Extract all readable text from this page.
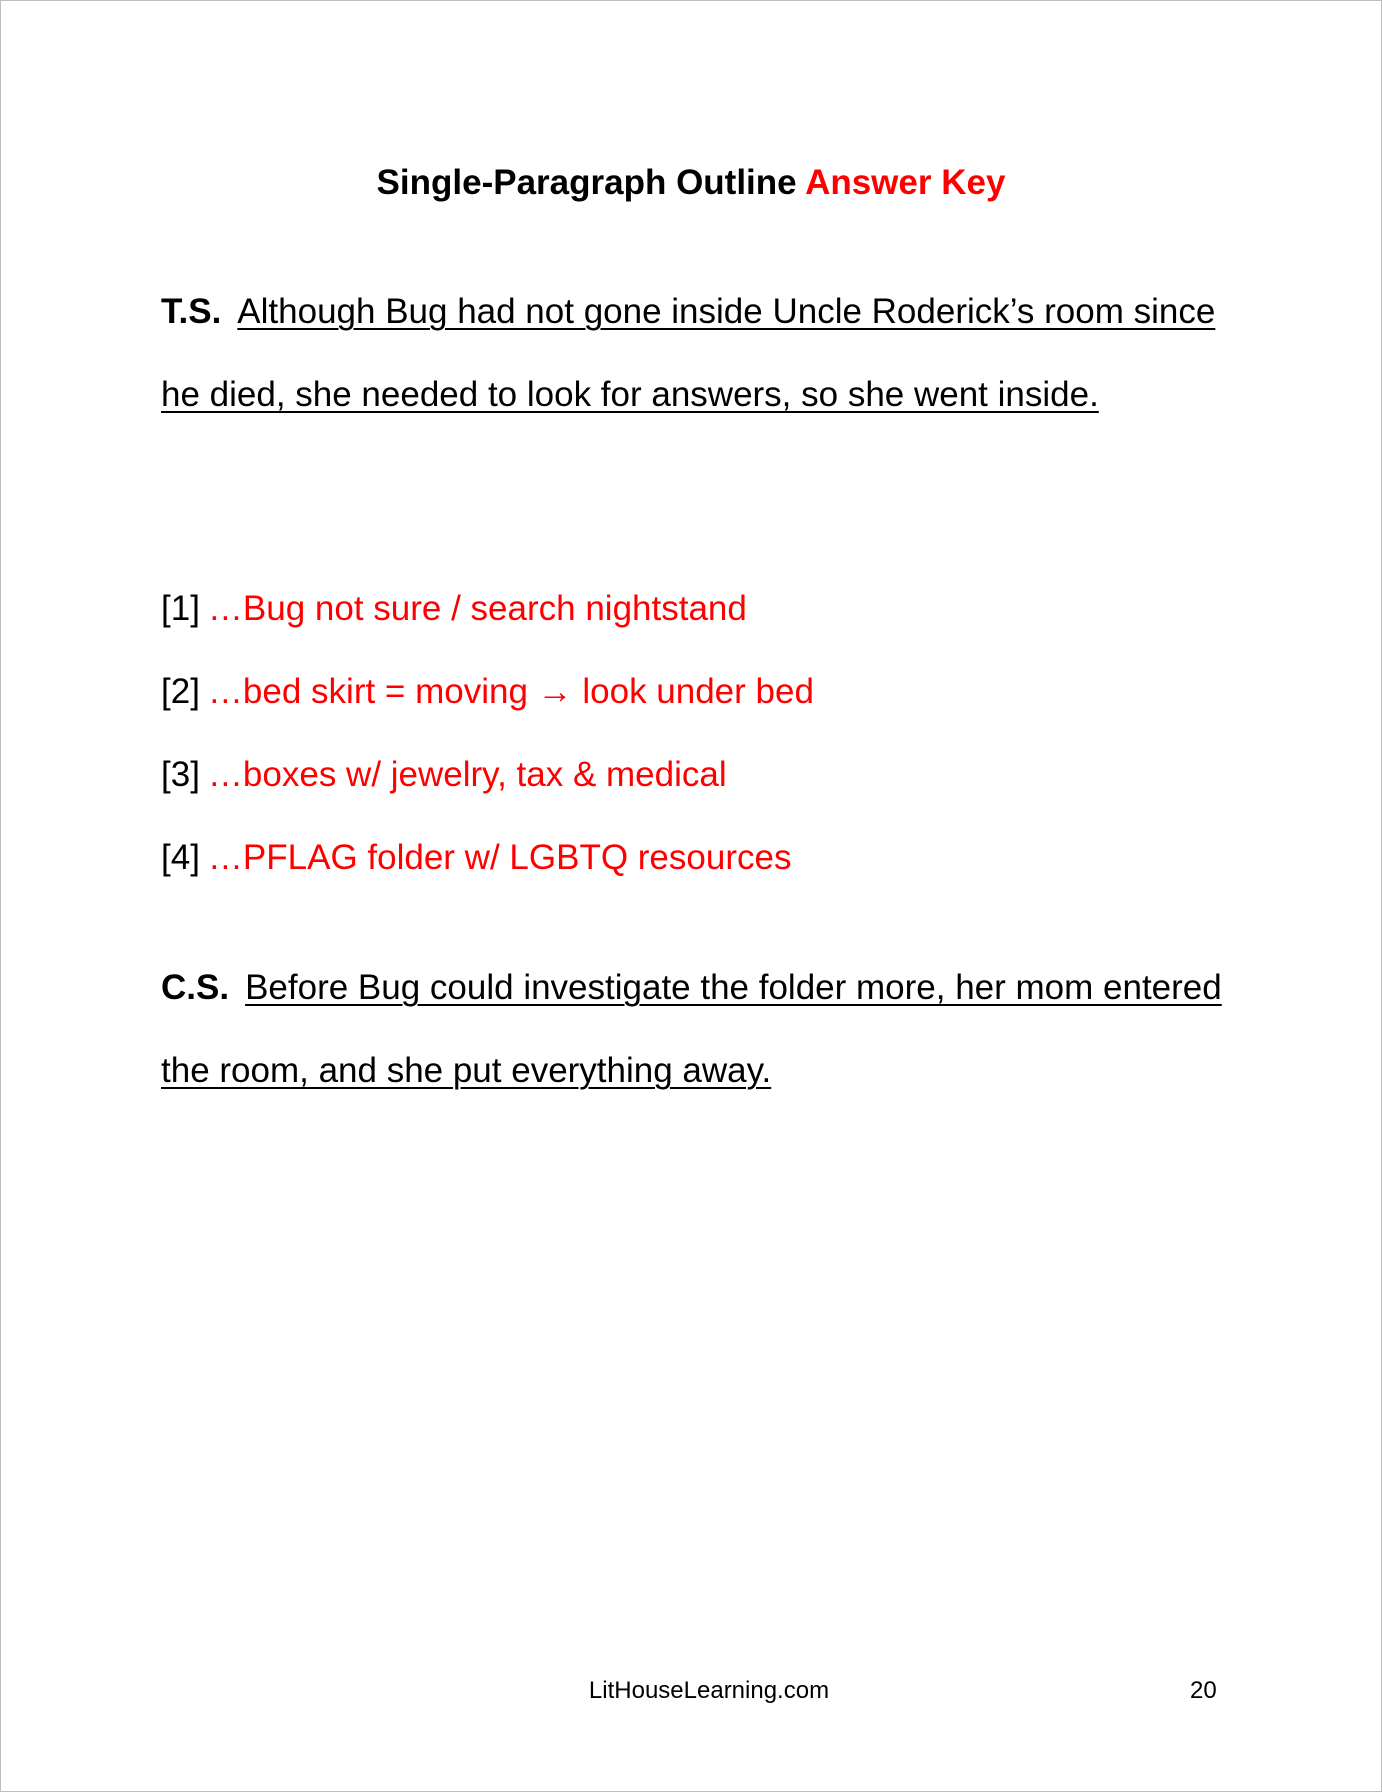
Single-Paragraph Outline Answer Key
T.S. Although Bug had not gone inside Uncle Roderick’s room since he died, she needed to look for answers, so she went inside.
[1] …Bug not sure / search nightstand
[2] …bed skirt = moving → look under bed
[3] …boxes w/ jewelry, tax & medical
[4] …PFLAG folder w/ LGBTQ resources
C.S. Before Bug could investigate the folder more, her mom entered the room, and she put everything away.
LitHouseLearning.com	20
